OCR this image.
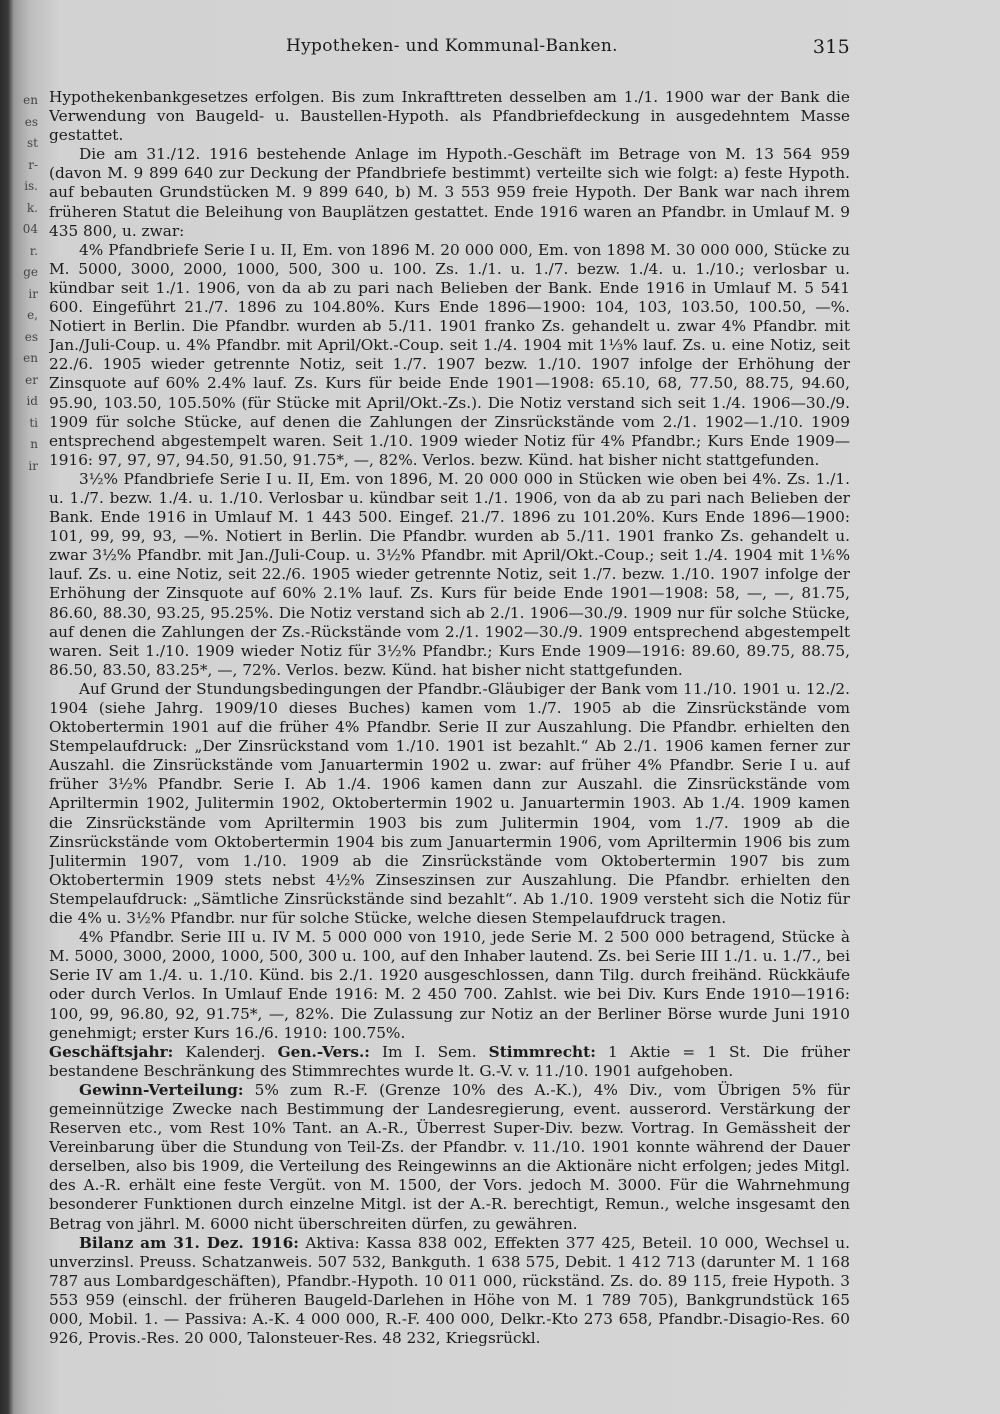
en
es
st
r-
is.
k.
04
r.
ge
ir
e,
es
en
er
id
ti
n
ir
Hypotheken- und Kommunal-Banken.	315

Hypothekenbankgesetzes erfolgen. Bis zum Inkrafttreten desselben am 1./1. 1900 war der Bank die Verwendung von Baugeld- u. Baustellen-Hypoth. als Pfandbriefdeckung in ausgedehntem Masse gestattet.

Die am 31./12. 1916 bestehende Anlage im Hypoth.-Geschäft im Betrage von M. 13 564 959 (davon M. 9 899 640 zur Deckung der Pfandbriefe bestimmt) verteilte sich wie folgt: a) feste Hypoth. auf bebauten Grundstücken M. 9 899 640, b) M. 3 553 959 freie Hypoth. Der Bank war nach ihrem früheren Statut die Beleihung von Bauplätzen gestattet. Ende 1916 waren an Pfandbr. in Umlauf M. 9 435 800, u. zwar:

4% Pfandbriefe Serie I u. II, Em. von 1896 M. 20 000 000, Em. von 1898 M. 30 000 000, Stücke zu M. 5000, 3000, 2000, 1000, 500, 300 u. 100. Zs. 1./1. u. 1./7. bezw. 1./4. u. 1./10.; verlosbar u. kündbar seit 1./1. 1906, von da ab zu pari nach Belieben der Bank. Ende 1916 in Umlauf M. 5 541 600. Eingeführt 21./7. 1896 zu 104.80%. Kurs Ende 1896—1900: 104, 103, 103.50, 100.50, —%. Notiert in Berlin. Die Pfandbr. wurden ab 5./11. 1901 franko Zs. gehandelt u. zwar 4% Pfandbr. mit Jan./Juli-Coup. u. 4% Pfandbr. mit April/Okt.-Coup. seit 1./4. 1904 mit 1⅓% lauf. Zs. u. eine Notiz, seit 22./6. 1905 wieder getrennte Notiz, seit 1./7. 1907 bezw. 1./10. 1907 infolge der Erhöhung der Zinsquote auf 60% 2.4% lauf. Zs. Kurs für beide Ende 1901—1908: 65.10, 68, 77.50, 88.75, 94.60, 95.90, 103.50, 105.50% (für Stücke mit April/Okt.-Zs.). Die Notiz verstand sich seit 1./4. 1906—30./9. 1909 für solche Stücke, auf denen die Zahlungen der Zinsrückstände vom 2./1. 1902—1./10. 1909 entsprechend abgestempelt waren. Seit 1./10. 1909 wieder Notiz für 4% Pfandbr.; Kurs Ende 1909—1916: 97, 97, 97, 94.50, 91.50, 91.75*, —, 82%. Verlos. bezw. Künd. hat bisher nicht stattgefunden.

3½% Pfandbriefe Serie I u. II, Em. von 1896, M. 20 000 000 in Stücken wie oben bei 4%. Zs. 1./1. u. 1./7. bezw. 1./4. u. 1./10. Verlosbar u. kündbar seit 1./1. 1906, von da ab zu pari nach Belieben der Bank. Ende 1916 in Umlauf M. 1 443 500. Eingef. 21./7. 1896 zu 101.20%. Kurs Ende 1896—1900: 101, 99, 99, 93, —%. Notiert in Berlin. Die Pfandbr. wurden ab 5./11. 1901 franko Zs. gehandelt u. zwar 3½% Pfandbr. mit Jan./Juli-Coup. u. 3½% Pfandbr. mit April/Okt.-Coup.; seit 1./4. 1904 mit 1⅙% lauf. Zs. u. eine Notiz, seit 22./6. 1905 wieder getrennte Notiz, seit 1./7. bezw. 1./10. 1907 infolge der Erhöhung der Zinsquote auf 60% 2.1% lauf. Zs. Kurs für beide Ende 1901—1908: 58, —, —, 81.75, 86.60, 88.30, 93.25, 95.25%. Die Notiz verstand sich ab 2./1. 1906—30./9. 1909 nur für solche Stücke, auf denen die Zahlungen der Zs.-Rückstände vom 2./1. 1902—30./9. 1909 entsprechend abgestempelt waren. Seit 1./10. 1909 wieder Notiz für 3½% Pfandbr.; Kurs Ende 1909—1916: 89.60, 89.75, 88.75, 86.50, 83.50, 83.25*, —, 72%. Verlos. bezw. Künd. hat bisher nicht stattgefunden.

Auf Grund der Stundungsbedingungen der Pfandbr.-Gläubiger der Bank vom 11./10. 1901 u. 12./2. 1904 (siehe Jahrg. 1909/10 dieses Buches) kamen vom 1./7. 1905 ab die Zinsrückstände vom Oktobertermin 1901 auf die früher 4% Pfandbr. Serie II zur Auszahlung. Die Pfandbr. erhielten den Stempelaufdruck: „Der Zinsrückstand vom 1./10. 1901 ist bezahlt.“ Ab 2./1. 1906 kamen ferner zur Auszahl. die Zinsrückstände vom Januartermin 1902 u. zwar: auf früher 4% Pfandbr. Serie I u. auf früher 3½% Pfandbr. Serie I. Ab 1./4. 1906 kamen dann zur Auszahl. die Zinsrückstände vom Apriltermin 1902, Julitermin 1902, Oktobertermin 1902 u. Januartermin 1903. Ab 1./4. 1909 kamen die Zinsrückstände vom Apriltermin 1903 bis zum Julitermin 1904, vom 1./7. 1909 ab die Zinsrückstände vom Oktobertermin 1904 bis zum Januartermin 1906, vom Apriltermin 1906 bis zum Julitermin 1907, vom 1./10. 1909 ab die Zinsrückstände vom Oktobertermin 1907 bis zum Oktobertermin 1909 stets nebst 4½% Zinseszinsen zur Auszahlung. Die Pfandbr. erhielten den Stempelaufdruck: „Sämtliche Zinsrückstände sind bezahlt“. Ab 1./10. 1909 versteht sich die Notiz für die 4% u. 3½% Pfandbr. nur für solche Stücke, welche diesen Stempelaufdruck tragen.

4% Pfandbr. Serie III u. IV M. 5 000 000 von 1910, jede Serie M. 2 500 000 betragend, Stücke à M. 5000, 3000, 2000, 1000, 500, 300 u. 100, auf den Inhaber lautend. Zs. bei Serie III 1./1. u. 1./7., bei Serie IV am 1./4. u. 1./10. Künd. bis 2./1. 1920 ausgeschlossen, dann Tilg. durch freihänd. Rückkäufe oder durch Verlos. In Umlauf Ende 1916: M. 2 450 700. Zahlst. wie bei Div. Kurs Ende 1910—1916: 100, 99, 96.80, 92, 91.75*, —, 82%. Die Zulassung zur Notiz an der Berliner Börse wurde Juni 1910 genehmigt; erster Kurs 16./6. 1910: 100.75%.

Geschäftsjahr: Kalenderj. Gen.-Vers.: Im I. Sem. Stimmrecht: 1 Aktie = 1 St. Die früher bestandene Beschränkung des Stimmrechtes wurde lt. G.-V. v. 11./10. 1901 aufgehoben.

Gewinn-Verteilung: 5% zum R.-F. (Grenze 10% des A.-K.), 4% Div., vom Übrigen 5% für gemeinnützige Zwecke nach Bestimmung der Landesregierung, event. ausserord. Verstärkung der Reserven etc., vom Rest 10% Tant. an A.-R., Überrest Super-Div. bezw. Vortrag. In Gemässheit der Vereinbarung über die Stundung von Teil-Zs. der Pfandbr. v. 11./10. 1901 konnte während der Dauer derselben, also bis 1909, die Verteilung des Reingewinns an die Aktionäre nicht erfolgen; jedes Mitgl. des A.-R. erhält eine feste Vergüt. von M. 1500, der Vors. jedoch M. 3000. Für die Wahrnehmung besonderer Funktionen durch einzelne Mitgl. ist der A.-R. berechtigt, Remun., welche insgesamt den Betrag von jährl. M. 6000 nicht überschreiten dürfen, zu gewähren.

Bilanz am 31. Dez. 1916: Aktiva: Kassa 838 002, Effekten 377 425, Beteil. 10 000, Wechsel u. unverzinsl. Preuss. Schatzanweis. 507 532, Bankguth. 1 638 575, Debit. 1 412 713 (darunter M. 1 168 787 aus Lombardgeschäften), Pfandbr.-Hypoth. 10 011 000, rückständ. Zs. do. 89 115, freie Hypoth. 3 553 959 (einschl. der früheren Baugeld-Darlehen in Höhe von M. 1 789 705), Bankgrundstück 165 000, Mobil. 1. — Passiva: A.-K. 4 000 000, R.-F. 400 000, Delkr.-Kto 273 658, Pfandbr.-Disagio-Res. 60 926, Provis.-Res. 20 000, Talonsteuer-Res. 48 232, Kriegsrückl.
